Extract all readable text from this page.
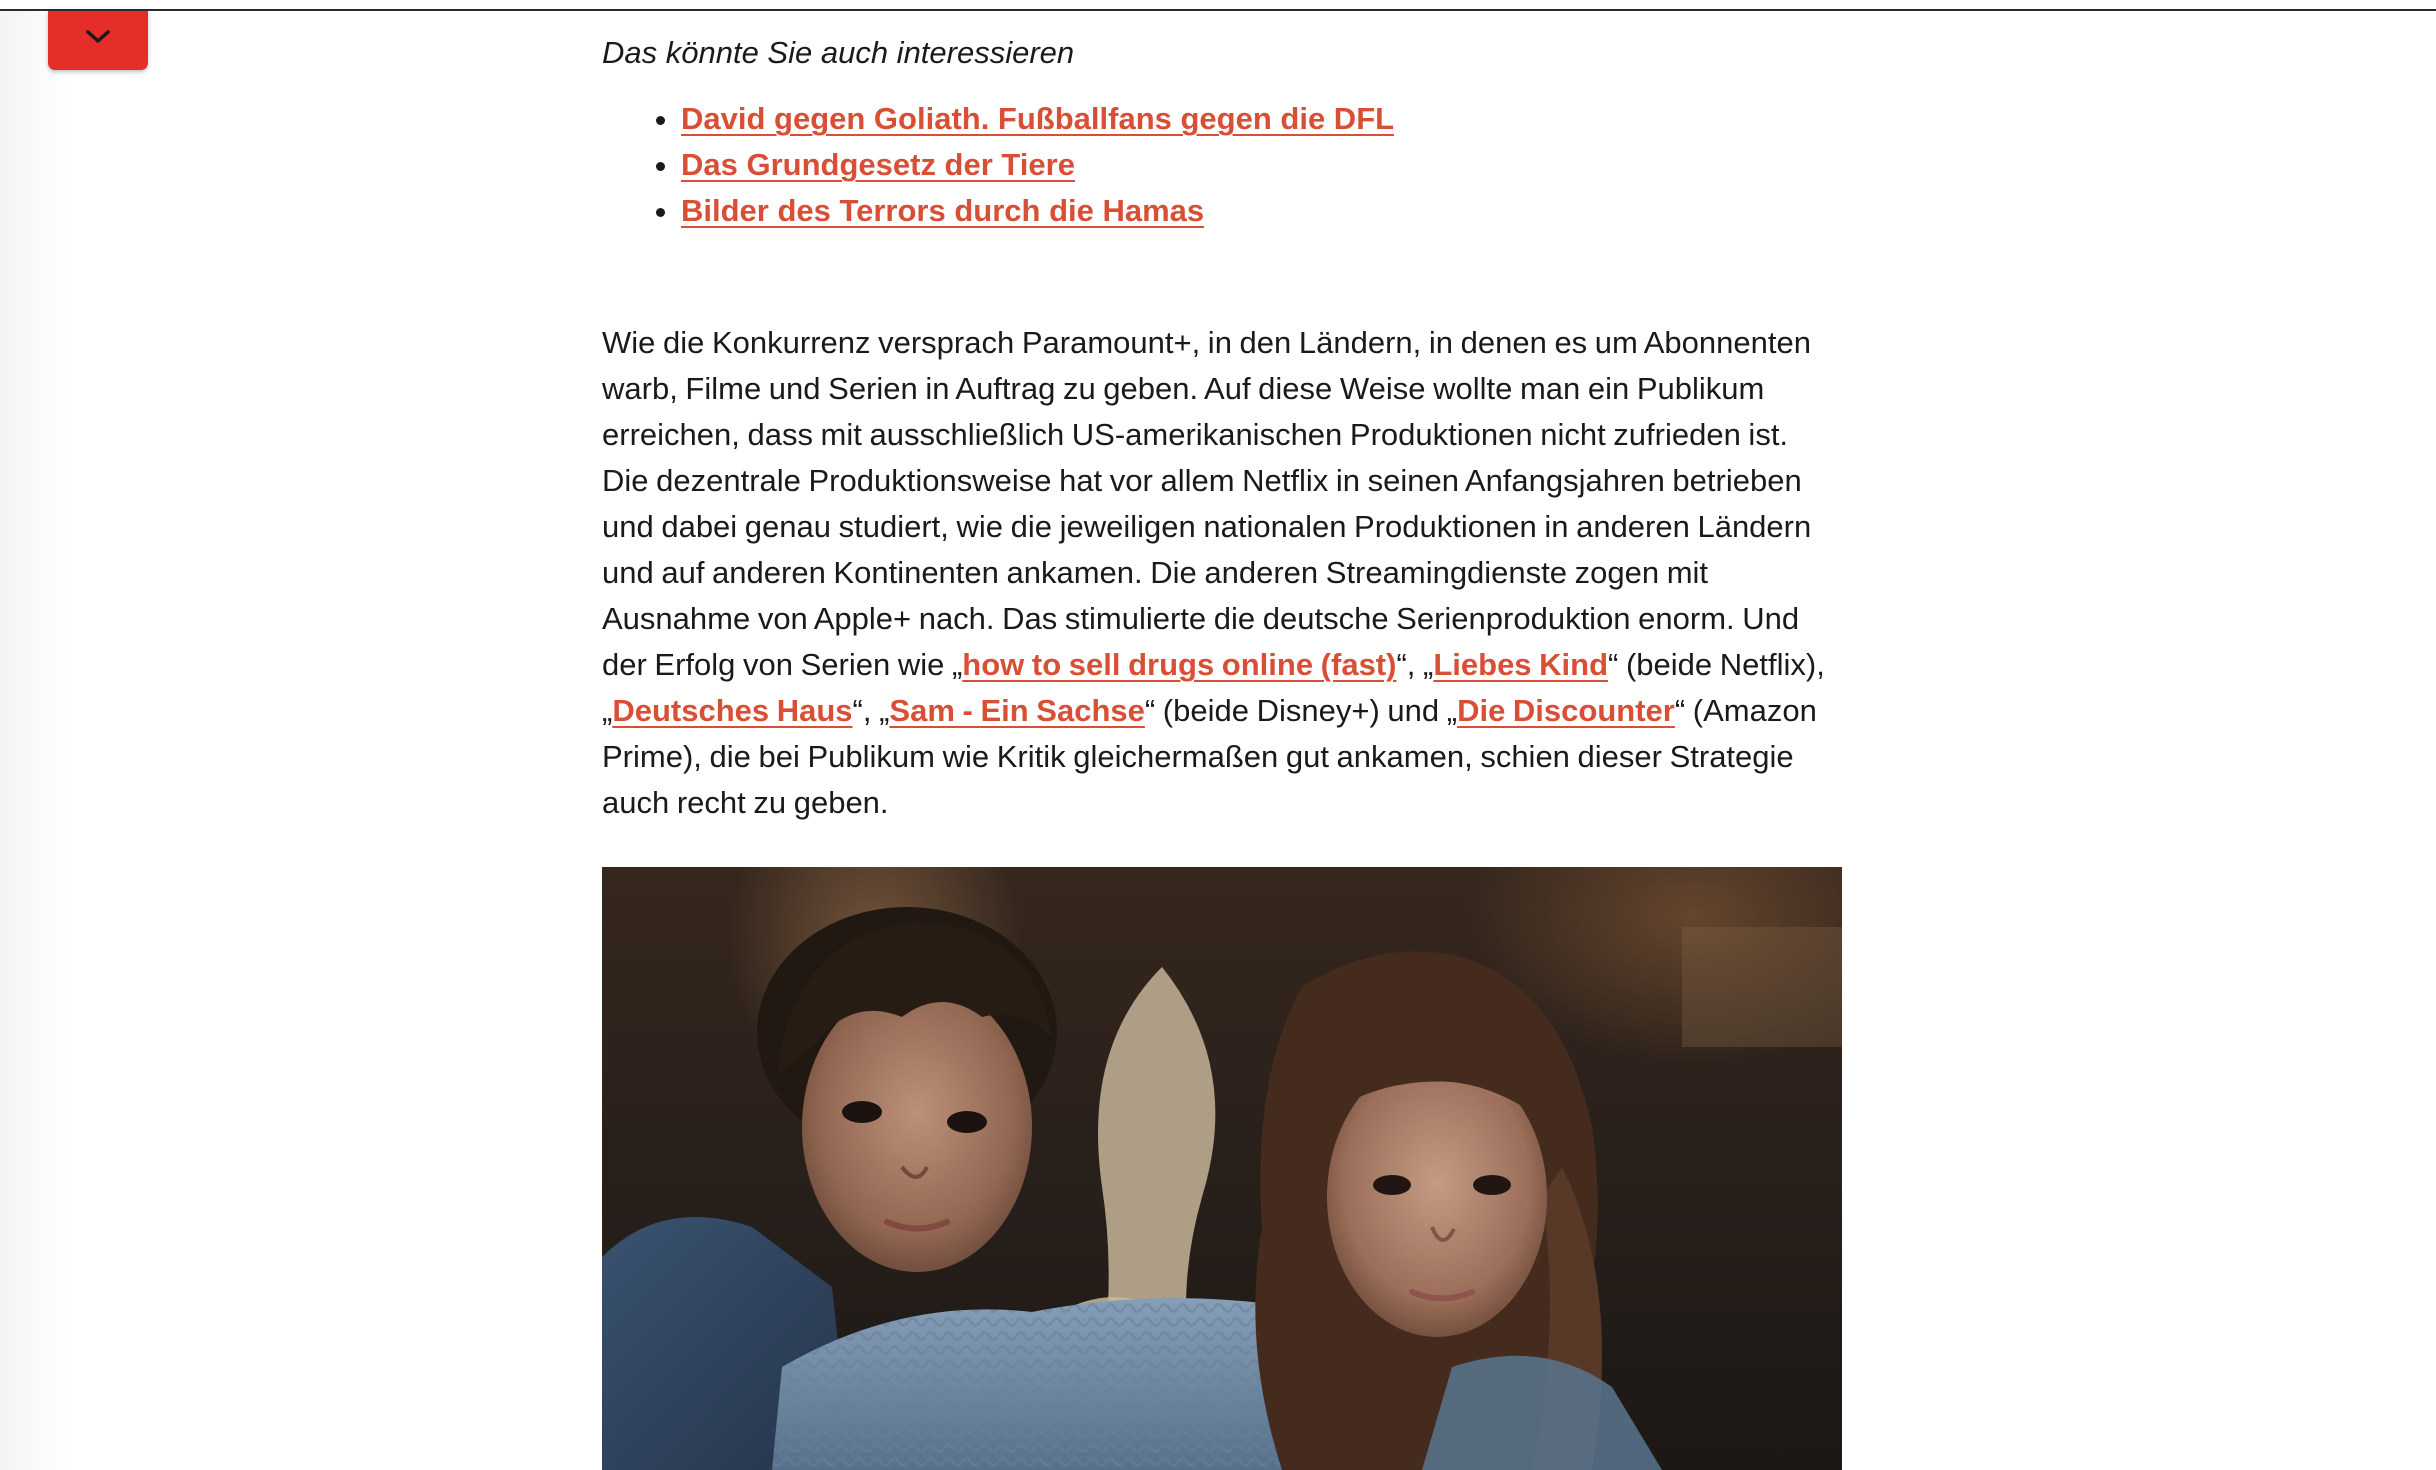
Das könnte Sie auch interessieren
• David gegen Goliath. Fußballfans gegen die DFL
• Das Grundgesetz der Tiere
• Bilder des Terrors durch die Hamas

Wie die Konkurrenz versprach Paramount+, in den Ländern, in denen es um Abonnenten warb, Filme und Serien in Auftrag zu geben. Auf diese Weise wollte man ein Publikum erreichen, dass mit ausschließlich US-amerikanischen Produktionen nicht zufrieden ist. Die dezentrale Produktionsweise hat vor allem Netflix in seinen Anfangsjahren betrieben und dabei genau studiert, wie die jeweiligen nationalen Produktionen in anderen Ländern und auf anderen Kontinenten ankamen. Die anderen Streamingdienste zogen mit Ausnahme von Apple+ nach. Das stimulierte die deutsche Serienproduktion enorm. Und der Erfolg von Serien wie „how to sell drugs online (fast)“, „Liebes Kind“ (beide Netflix), „Deutsches Haus“, „Sam - Ein Sachse“ (beide Disney+) und „Die Discounter“ (Amazon Prime), die bei Publikum wie Kritik gleichermaßen gut ankamen, schien dieser Strategie auch recht zu geben.
